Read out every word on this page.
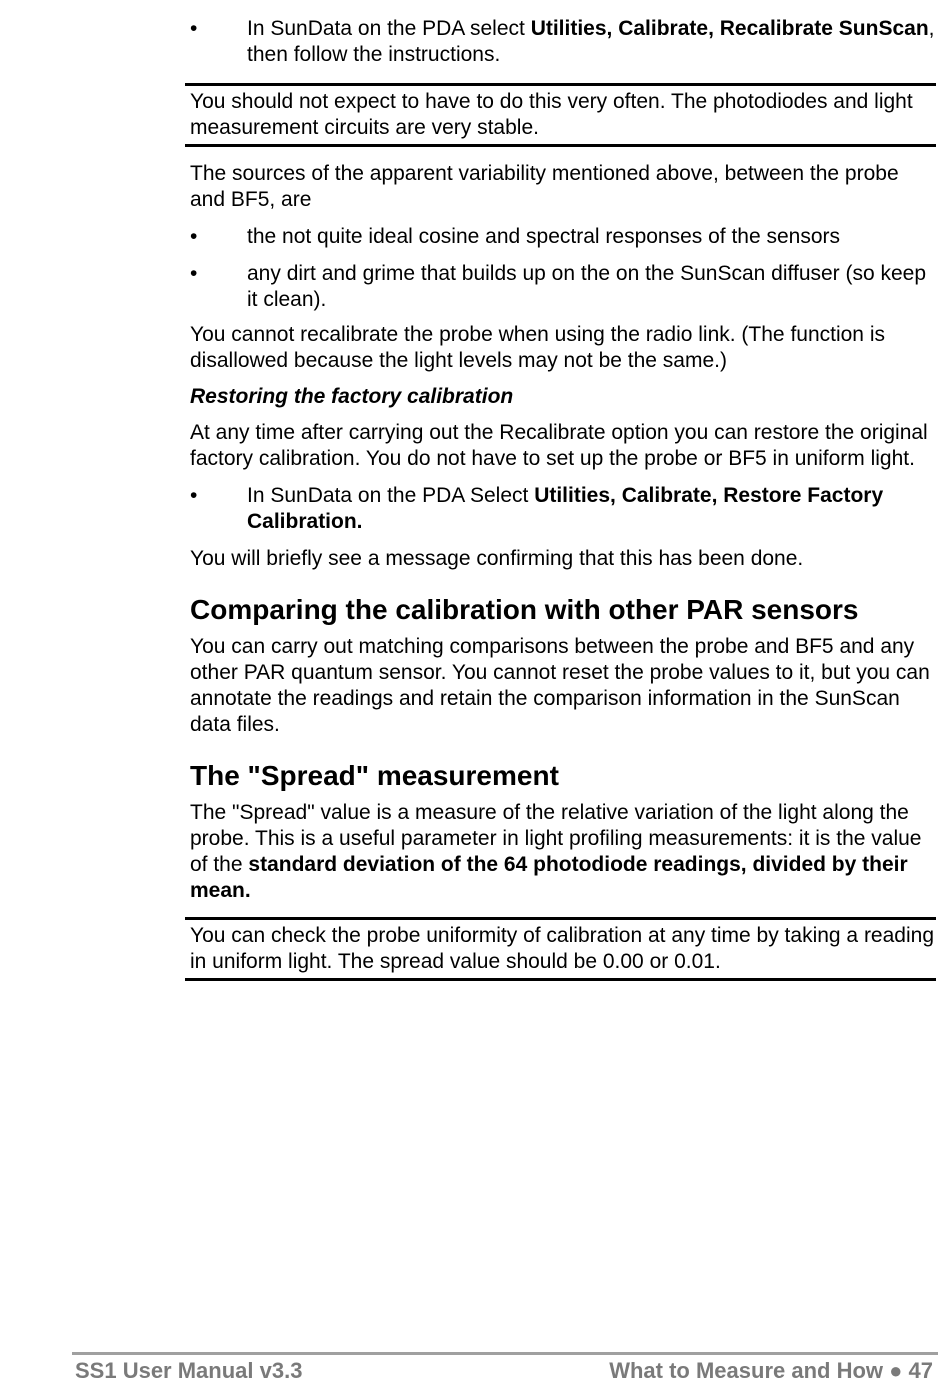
•	In SunData on the PDA select Utilities, Calibrate, Recalibrate SunScan, then follow the instructions.

You should not expect to have to do this very often. The photodiodes and light measurement circuits are very stable.

The sources of the apparent variability mentioned above, between the probe and BF5, are

•	the not quite ideal cosine and spectral responses of the sensors
•	any dirt and grime that builds up on the on the SunScan diffuser (so keep it clean).

You cannot recalibrate the probe when using the radio link. (The function is disallowed because the light levels may not be the same.)

Restoring the factory calibration

At any time after carrying out the Recalibrate option you can restore the original factory calibration. You do not have to set up the probe or BF5 in uniform light.

•	In SunData on the PDA Select Utilities, Calibrate, Restore Factory Calibration.

You will briefly see a message confirming that this has been done.

Comparing the calibration with other PAR sensors

You can carry out matching comparisons between the probe and BF5 and any other PAR quantum sensor. You cannot reset the probe values to it, but you can annotate the readings and retain the comparison information in the SunScan data files.

The "Spread" measurement

The "Spread" value is a measure of the relative variation of the light along the probe. This is a useful parameter in light profiling measurements: it is the value of the standard deviation of the 64 photodiode readings, divided by their mean.

You can check the probe uniformity of calibration at any time by taking a reading in uniform light. The spread value should be 0.00 or 0.01.

SS1 User Manual v3.3	What to Measure and How ● 47
